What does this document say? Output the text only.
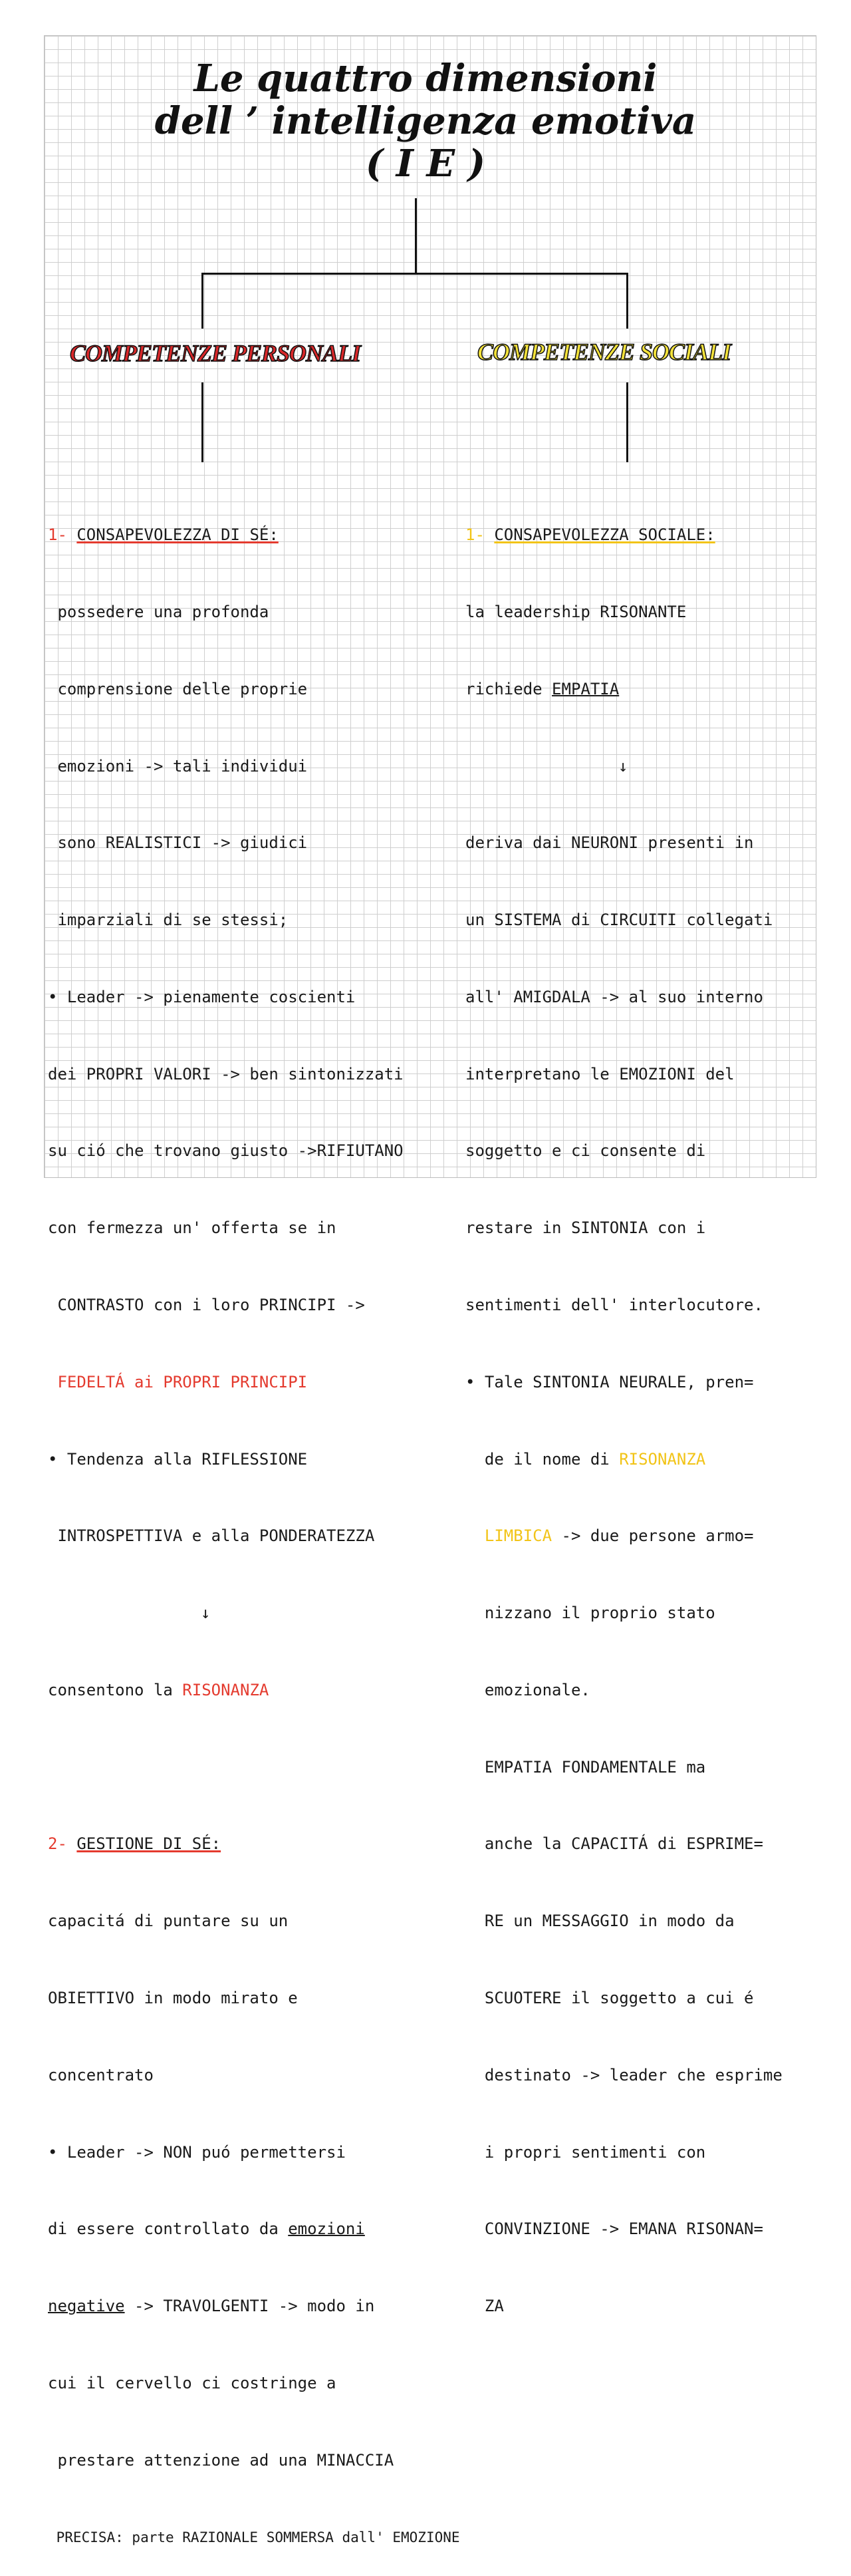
Le quattro dimensioni
dell ’ intelligenza emotiva
( I E )
COMPETENZE PERSONALI	COMPETENZE SOCIALI

1- CONSAPEVOLEZZA DI SÉ:

possedere una profonda

comprensione delle proprie

emozioni -> tali individui

sono REALISTICI -> giudici

imparziali di se stessi;

• Leader -> pienamente coscienti

dei PROPRI VALORI -> ben sintonizzati

su ció che trovano giusto ->RIFIUTANO

con fermezza un' offerta se in

CONTRASTO con i loro PRINCIPI ->

FEDELTÁ ai PROPRI PRINCIPI

• Tendenza alla RIFLESSIONE

INTROSPETTIVA e alla PONDERATEZZA

↓

consentono la RISONANZA

2- GESTIONE DI SÉ:

capacitá di puntare su un

OBIETTIVO in modo mirato e

concentrato

• Leader -> NON puó permettersi

di essere controllato da emozioni

negative -> TRAVOLGENTI -> modo in

cui il cervello ci costringe a

prestare attenzione ad una MINACCIA

PRECISA: parte RAZIONALE SOMMERSA dall' EMOZIONE

1- CONSAPEVOLEZZA SOCIALE:

la leadership RISONANTE

richiede EMPATIA

↓

deriva dai NEURONI presenti in

un SISTEMA di CIRCUITI collegati

all' AMIGDALA -> al suo interno

interpretano le EMOZIONI del

soggetto e ci consente di

restare in SINTONIA con i

sentimenti dell' interlocutore.

• Tale SINTONIA NEURALE, pren=

de il nome di RISONANZA

LIMBICA -> due persone armo=

nizzano il proprio stato

emozionale.

EMPATIA FONDAMENTALE ma

anche la CAPACITÁ di ESPRIME=

RE un MESSAGGIO in modo da

SCUOTERE il soggetto a cui é

destinato -> leader che esprime

i propri sentimenti con

CONVINZIONE -> EMANA RISONAN=

ZA
